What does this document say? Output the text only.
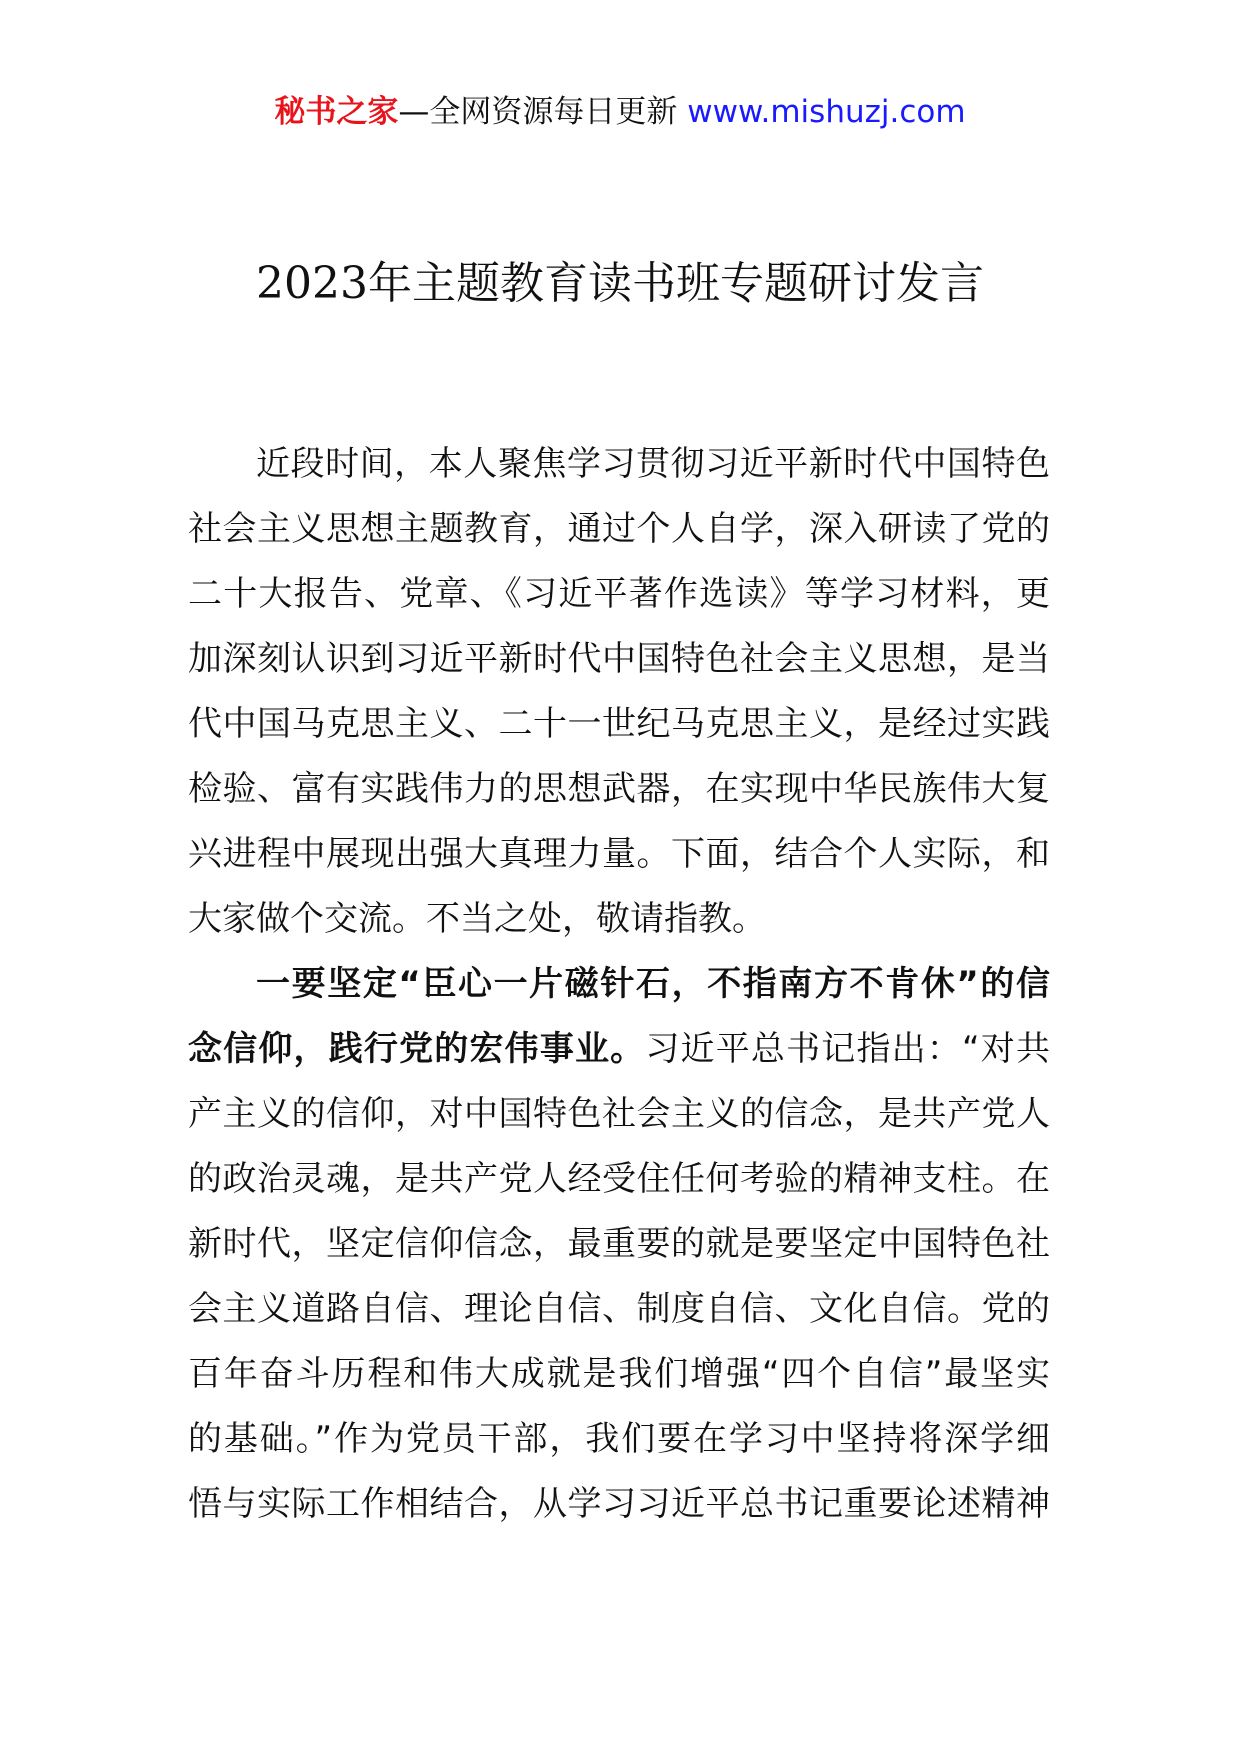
秘书之家—全网资源每日更新 www.mishuzj.com
2023年主题教育读书班专题研讨发言
近段时间，本人聚焦学习贯彻习近平新时代中国特色
社会主义思想主题教育，通过个人自学，深入研读了党的
二十大报告、党章、《习近平著作选读》等学习材料，更
加深刻认识到习近平新时代中国特色社会主义思想，是当
代中国马克思主义、二十一世纪马克思主义，是经过实践
检验、富有实践伟力的思想武器，在实现中华民族伟大复
兴进程中展现出强大真理力量。下面，结合个人实际，和
大家做个交流。不当之处，敬请指教。
一要坚定“臣心一片磁针石，不指南方不肯休”的信
念信仰，践行党的宏伟事业。习近平总书记指出：“对共
产主义的信仰，对中国特色社会主义的信念，是共产党人
的政治灵魂，是共产党人经受住任何考验的精神支柱。在
新时代，坚定信仰信念，最重要的就是要坚定中国特色社
会主义道路自信、理论自信、制度自信、文化自信。党的
百年奋斗历程和伟大成就是我们增强“四个自信”最坚实
的基础。”作为党员干部，我们要在学习中坚持将深学细
悟与实际工作相结合，从学习习近平总书记重要论述精神
